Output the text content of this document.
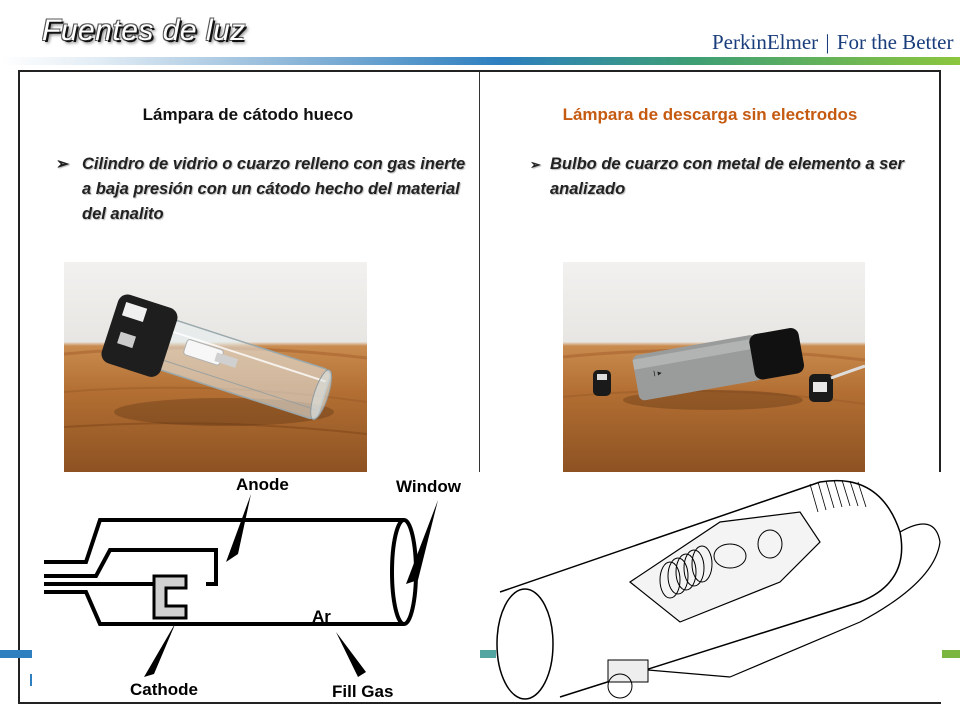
Fuentes de luz	PerkinElmer | For the Better
Lámpara de cátodo hueco	Lámpara de descarga sin electrodos
➢ Cilindro de vidrio o cuarzo relleno con gas inerte a baja presión con un cátodo hecho del material del analito
➢ Bulbo de cuarzo con metal de elemento a ser analizado
I ▸
Anode	Window
Ar
Cathode	Fill Gas
